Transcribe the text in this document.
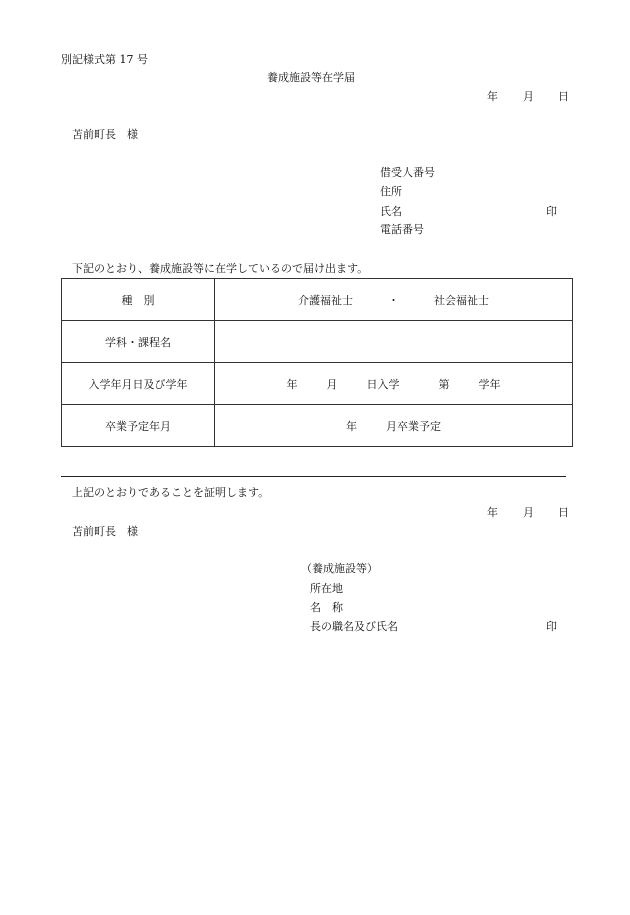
別記様式第 17 号
養成施設等在学届
年 月 日
苫前町長　様
借受人番号
住所
氏名	印
電話番号
下記のとおり、養成施設等に在学しているので届け出ます。
種　別	介護福祉士 ・ 社会福祉士
学科・課程名	
入学年月日及び学年	年 月 日入学 第 学年
卒業予定年月	年 月卒業予定
上記のとおりであることを証明します。
年 月 日
苫前町長　様
（養成施設等）
所在地
名　称
長の職名及び氏名	印
